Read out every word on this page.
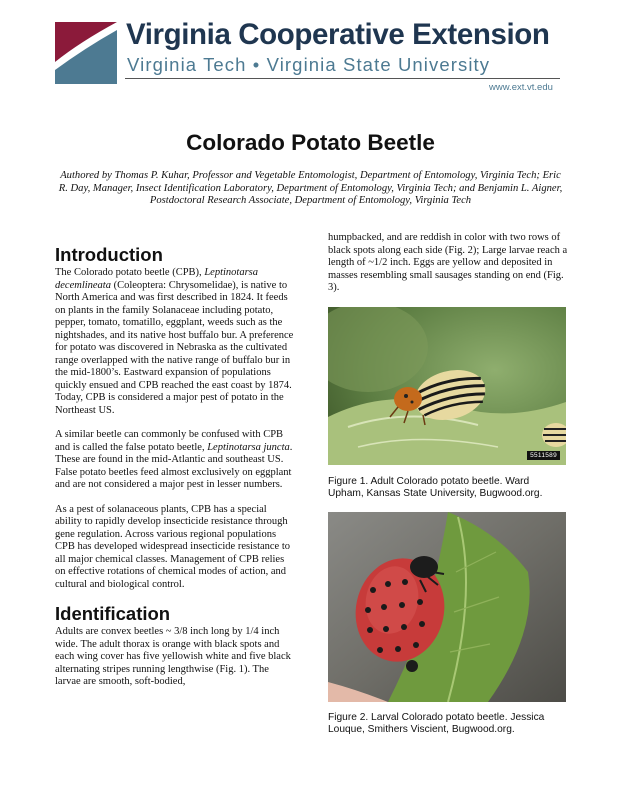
Virginia Cooperative Extension
Virginia Tech • Virginia State University
www.ext.vt.edu
Colorado Potato Beetle
Authored by Thomas P. Kuhar, Professor and Vegetable Entomologist, Department of Entomology, Virginia Tech; Eric R. Day, Manager, Insect Identification Laboratory, Department of Entomology, Virginia Tech; and Benjamin L. Aigner, Postdoctoral Research Associate, Department of Entomology, Virginia Tech
Introduction
The Colorado potato beetle (CPB), Leptinotarsa decemlineata (Coleoptera: Chrysomelidae), is native to North America and was first described in 1824. It feeds on plants in the family Solanaceae including potato, pepper, tomato, tomatillo, eggplant, weeds such as the nightshades, and its native host buffalo bur. A preference for potato was discovered in Nebraska as the cultivated range overlapped with the native range of buffalo bur in the mid-1800’s. Eastward expansion of populations quickly ensued and CPB reached the east coast by 1874. Today, CPB is considered a major pest of potato in the Northeast US.
A similar beetle can commonly be confused with CPB and is called the false potato beetle, Leptinotarsa juncta. These are found in the mid-Atlantic and southeast US. False potato beetles feed almost exclusively on eggplant and are not considered a major pest in lesser numbers.
As a pest of solanaceous plants, CPB has a special ability to rapidly develop insecticide resistance through gene regulation. Across various regional populations CPB has developed widespread insecticide resistance to all major chemical classes. Management of CPB relies on effective rotations of chemical modes of action, and cultural and biological control.
Identification
Adults are convex beetles ~ 3/8 inch long by 1/4 inch wide. The adult thorax is orange with black spots and each wing cover has five yellowish white and five black alternating stripes running lengthwise (Fig. 1). The larvae are smooth, soft-bodied,
humpbacked, and are reddish in color with two rows of black spots along each side (Fig. 2); Large larvae reach a length of ~1/2 inch. Eggs are yellow and deposited in masses resembling small sausages standing on end (Fig. 3).
5511589
Figure 1. Adult Colorado potato beetle. Ward Upham, Kansas State University, Bugwood.org.
Figure 2. Larval Colorado potato beetle. Jessica Louque, Smithers Viscient, Bugwood.org.
